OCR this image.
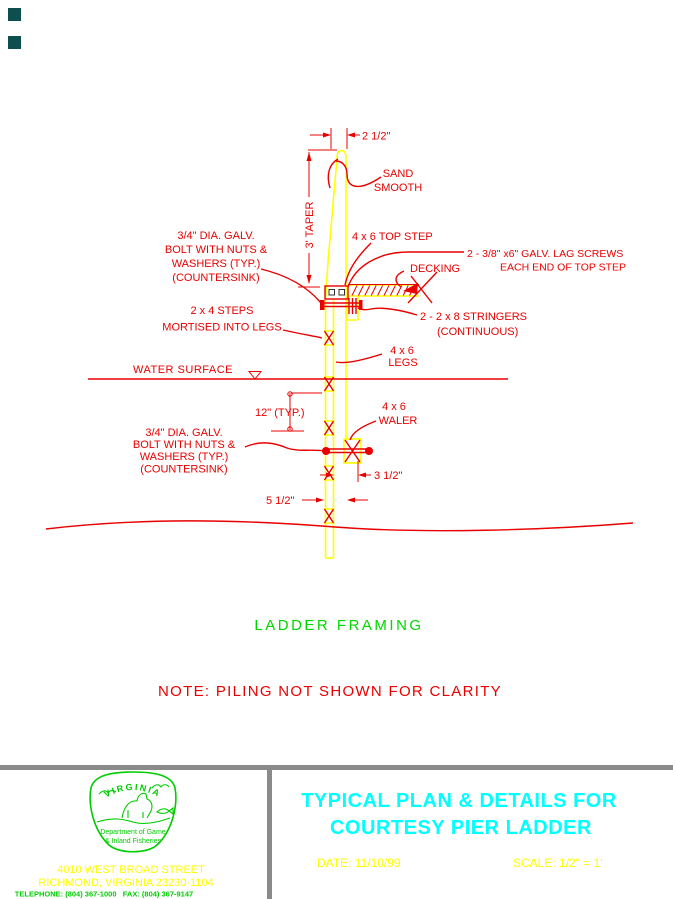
2 1/2"
3' TAPER
12" (TYP.)
3 1/2"
5 1/2"
SAND
SMOOTH
4 x 6 TOP STEP
2 - 3/8" x6" GALV. LAG SCREWS
EACH END OF TOP STEP
DECKING
3/4" DIA. GALV.
BOLT WITH NUTS &
WASHERS (TYP.)
(COUNTERSINK)
2 x 4 STEPS
MORTISED INTO LEGS
2 - 2 x 8 STRINGERS
(CONTINUOUS)
4 x 6
LEGS
WATER SURFACE
4 x 6
WALER
3/4" DIA. GALV.
BOLT WITH NUTS &
WASHERS (TYP.)
(COUNTERSINK)
LADDER FRAMING
NOTE: PILING NOT SHOWN FOR CLARITY
VIRGINIA
Department of Game
& Inland Fisheries
4010 WEST BROAD STREET
RICHMOND, VIRGINIA 23230-1104
TELEPHONE: (804) 367-1000   FAX: (804) 367-9147
TYPICAL PLAN & DETAILS FOR
COURTESY PIER LADDER
DATE: 11/10/99	SCALE: 1/2" = 1'
